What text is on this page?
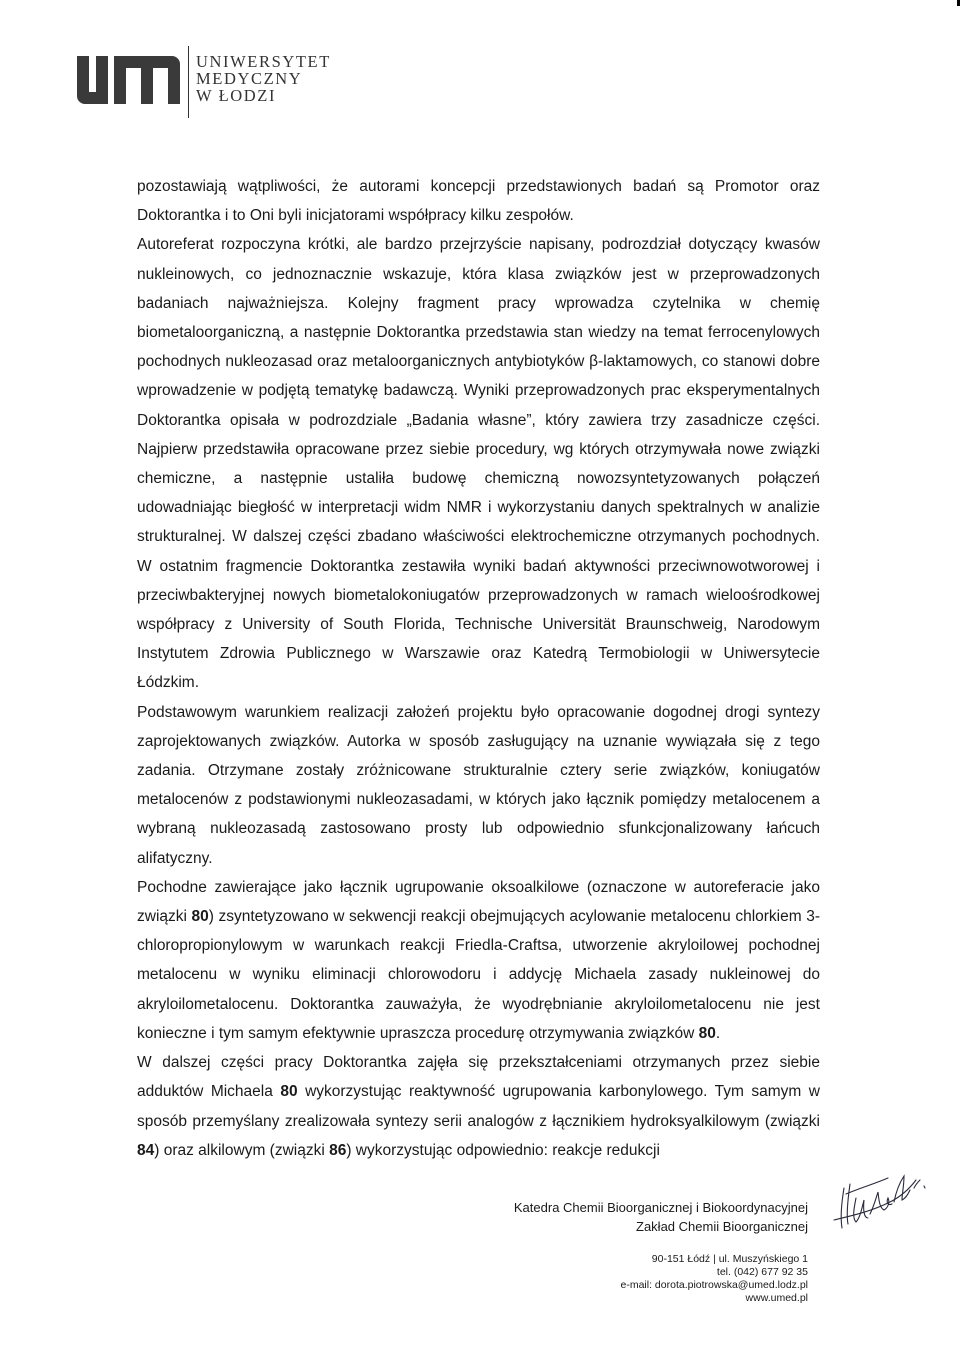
UNIWERSYTET
MEDYCZNY
W ŁODZI

pozostawiają wątpliwości, że autorami koncepcji przedstawionych badań są Promotor oraz Doktorantka i to Oni byli inicjatorami współpracy kilku zespołów.

Autoreferat rozpoczyna krótki, ale bardzo przejrzyście napisany, podrozdział dotyczący kwasów nukleinowych, co jednoznacznie wskazuje, która klasa związków jest w przeprowadzonych badaniach najważniejsza. Kolejny fragment pracy wprowadza czytelnika w chemię biometaloorganiczną, a następnie Doktorantka przedstawia stan wiedzy na temat ferrocenylowych pochodnych nukleozasad oraz metaloorganicznych antybiotyków β-laktamowych, co stanowi dobre wprowadzenie w podjętą tematykę badawczą. Wyniki przeprowadzonych prac eksperymentalnych Doktorantka opisała w podrozdziale „Badania własne”, który zawiera trzy zasadnicze części. Najpierw przedstawiła opracowane przez siebie procedury, wg których otrzymywała nowe związki chemiczne, a następnie ustaliła budowę chemiczną nowozsyntetyzowanych połączeń udowadniając biegłość w interpretacji widm NMR i wykorzystaniu danych spektralnych w analizie strukturalnej. W dalszej części zbadano właściwości elektrochemiczne otrzymanych pochodnych. W ostatnim fragmencie Doktorantka zestawiła wyniki badań aktywności przeciwnowotworowej i przeciwbakteryjnej nowych biometalokoniugatów przeprowadzonych w ramach wieloośrodkowej współpracy z University of South Florida, Technische Universität Braunschweig, Narodowym Instytutem Zdrowia Publicznego w Warszawie oraz Katedrą Termobiologii w Uniwersytecie Łódzkim.

Podstawowym warunkiem realizacji założeń projektu było opracowanie dogodnej drogi syntezy zaprojektowanych związków. Autorka w sposób zasługujący na uznanie wywiązała się z tego zadania. Otrzymane zostały zróżnicowane strukturalnie cztery serie związków, koniugatów metalocenów z podstawionymi nukleozasadami, w których jako łącznik pomiędzy metalocenem a wybraną nukleozasadą zastosowano prosty lub odpowiednio sfunkcjonalizowany łańcuch alifatyczny.

Pochodne zawierające jako łącznik ugrupowanie oksoalkilowe (oznaczone w autoreferacie jako związki 80) zsyntetyzowano w sekwencji reakcji obejmujących acylowanie metalocenu chlorkiem 3-chloropropionylowym w warunkach reakcji Friedla-Craftsa, utworzenie akryloilowej pochodnej metalocenu w wyniku eliminacji chlorowodoru i addycję Michaela zasady nukleinowej do akryloilometalocenu. Doktorantka zauważyła, że wyodrębnianie akryloilometalocenu nie jest konieczne i tym samym efektywnie upraszcza procedurę otrzymywania związków 80.

W dalszej części pracy Doktorantka zajęła się przekształceniami otrzymanych przez siebie adduktów Michaela 80 wykorzystując reaktywność ugrupowania karbonylowego. Tym samym w sposób przemyślany zrealizowała syntezy serii analogów z łącznikiem hydroksyalkilowym (związki 84) oraz alkilowym (związki 86) wykorzystując odpowiednio: reakcje redukcji

Katedra Chemii Bioorganicznej i Biokoordynacyjnej
Zakład Chemii Bioorganicznej
90-151 Łódź | ul. Muszyńskiego 1
tel. (042) 677 92 35
e-mail: dorota.piotrowska@umed.lodz.pl
www.umed.pl
